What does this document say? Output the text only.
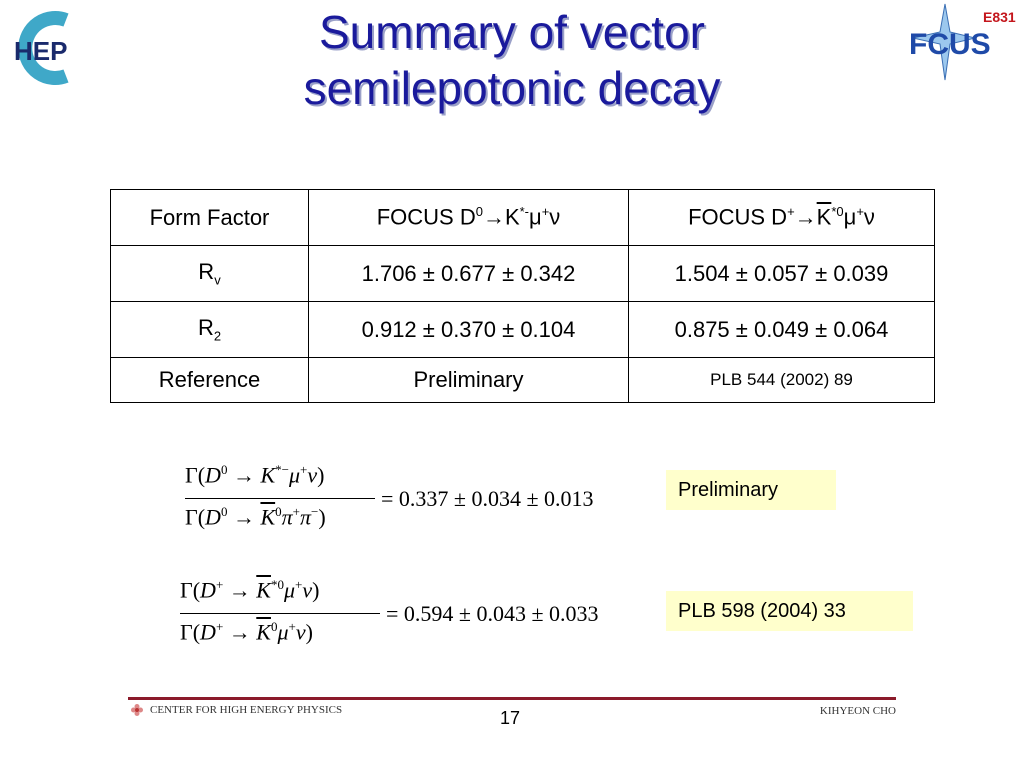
HEP
E831
FCUS
Summary of vector
semilepotonic decay
Form Factor	FOCUS $D^0\to K^{*-}\mu^+\nu$	FOCUS $D^+\to\overline{K}^{*0}\mu^+\nu$
$R_v$	1.706 ± 0.677 ± 0.342	1.504 ± 0.057 ± 0.039
$R_2$	0.912 ± 0.370 ± 0.104	0.875 ± 0.049 ± 0.064
Reference	Preliminary	PLB 544 (2002) 89
$\Gamma(D^0 \to K^{*-}\mu^+\nu)$
$\Gamma(D^0 \to \overline{K}^0\pi^+\pi^-)$
= 0.337 ± 0.034 ± 0.013	Preliminary
$\Gamma(D^+ \to \overline{K}^{*0}\mu^+\nu)$
$\Gamma(D^+ \to \overline{K}^0\mu^+\nu)$
= 0.594 ± 0.043 ± 0.033	PLB 598 (2004) 33
CENTER FOR HIGH ENERGY PHYSICS	17	KIHYEON CHO
